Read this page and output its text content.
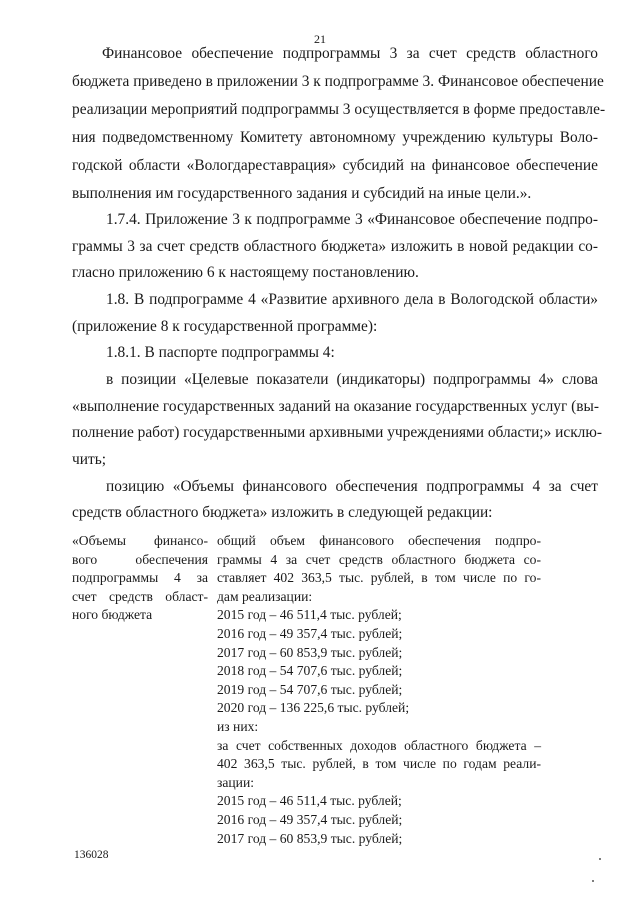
21
Финансовое обеспечение подпрограммы 3 за счет средств областного
бюджета приведено в приложении 3 к подпрограмме 3. Финансовое обеспечение
реализации мероприятий подпрограммы 3 осуществляется в форме предоставле-
ния подведомственному Комитету автономному учреждению культуры Воло-
годской области «Вологдареставрация» субсидий на финансовое обеспечение
выполнения им государственного задания и субсидий на иные цели.».
1.7.4. Приложение 3 к подпрограмме 3 «Финансовое обеспечение подпро-
граммы 3 за счет средств областного бюджета» изложить в новой редакции со-
гласно приложению 6 к настоящему постановлению.
1.8. В подпрограмме 4 «Развитие архивного дела в Вологодской области»
(приложение 8 к государственной программе):
1.8.1. В паспорте подпрограммы 4:
в позиции «Целевые показатели (индикаторы) подпрограммы 4» слова
«выполнение государственных заданий на оказание государственных услуг (вы-
полнение работ) государственными архивными учреждениями области;» исклю-
чить;
позицию «Объемы финансового обеспечения подпрограммы 4 за счет
средств областного бюджета» изложить в следующей редакции:
«Объемы финансо-
вого обеспечения
подпрограммы 4 за
счет средств област-
ного бюджета
общий объем финансового обеспечения подпро-
граммы 4 за счет средств областного бюджета со-
ставляет 402 363,5 тыс. рублей, в том числе по го-
дам реализации:
2015 год – 46 511,4 тыс. рублей;
2016 год – 49 357,4 тыс. рублей;
2017 год – 60 853,9 тыс. рублей;
2018 год – 54 707,6 тыс. рублей;
2019 год – 54 707,6 тыс. рублей;
2020 год – 136 225,6 тыс. рублей;
из них:
за счет собственных доходов областного бюджета –
402 363,5 тыс. рублей, в том числе по годам реали-
зации:
2015 год – 46 511,4 тыс. рублей;
2016 год – 49 357,4 тыс. рублей;
2017 год – 60 853,9 тыс. рублей;
136028
